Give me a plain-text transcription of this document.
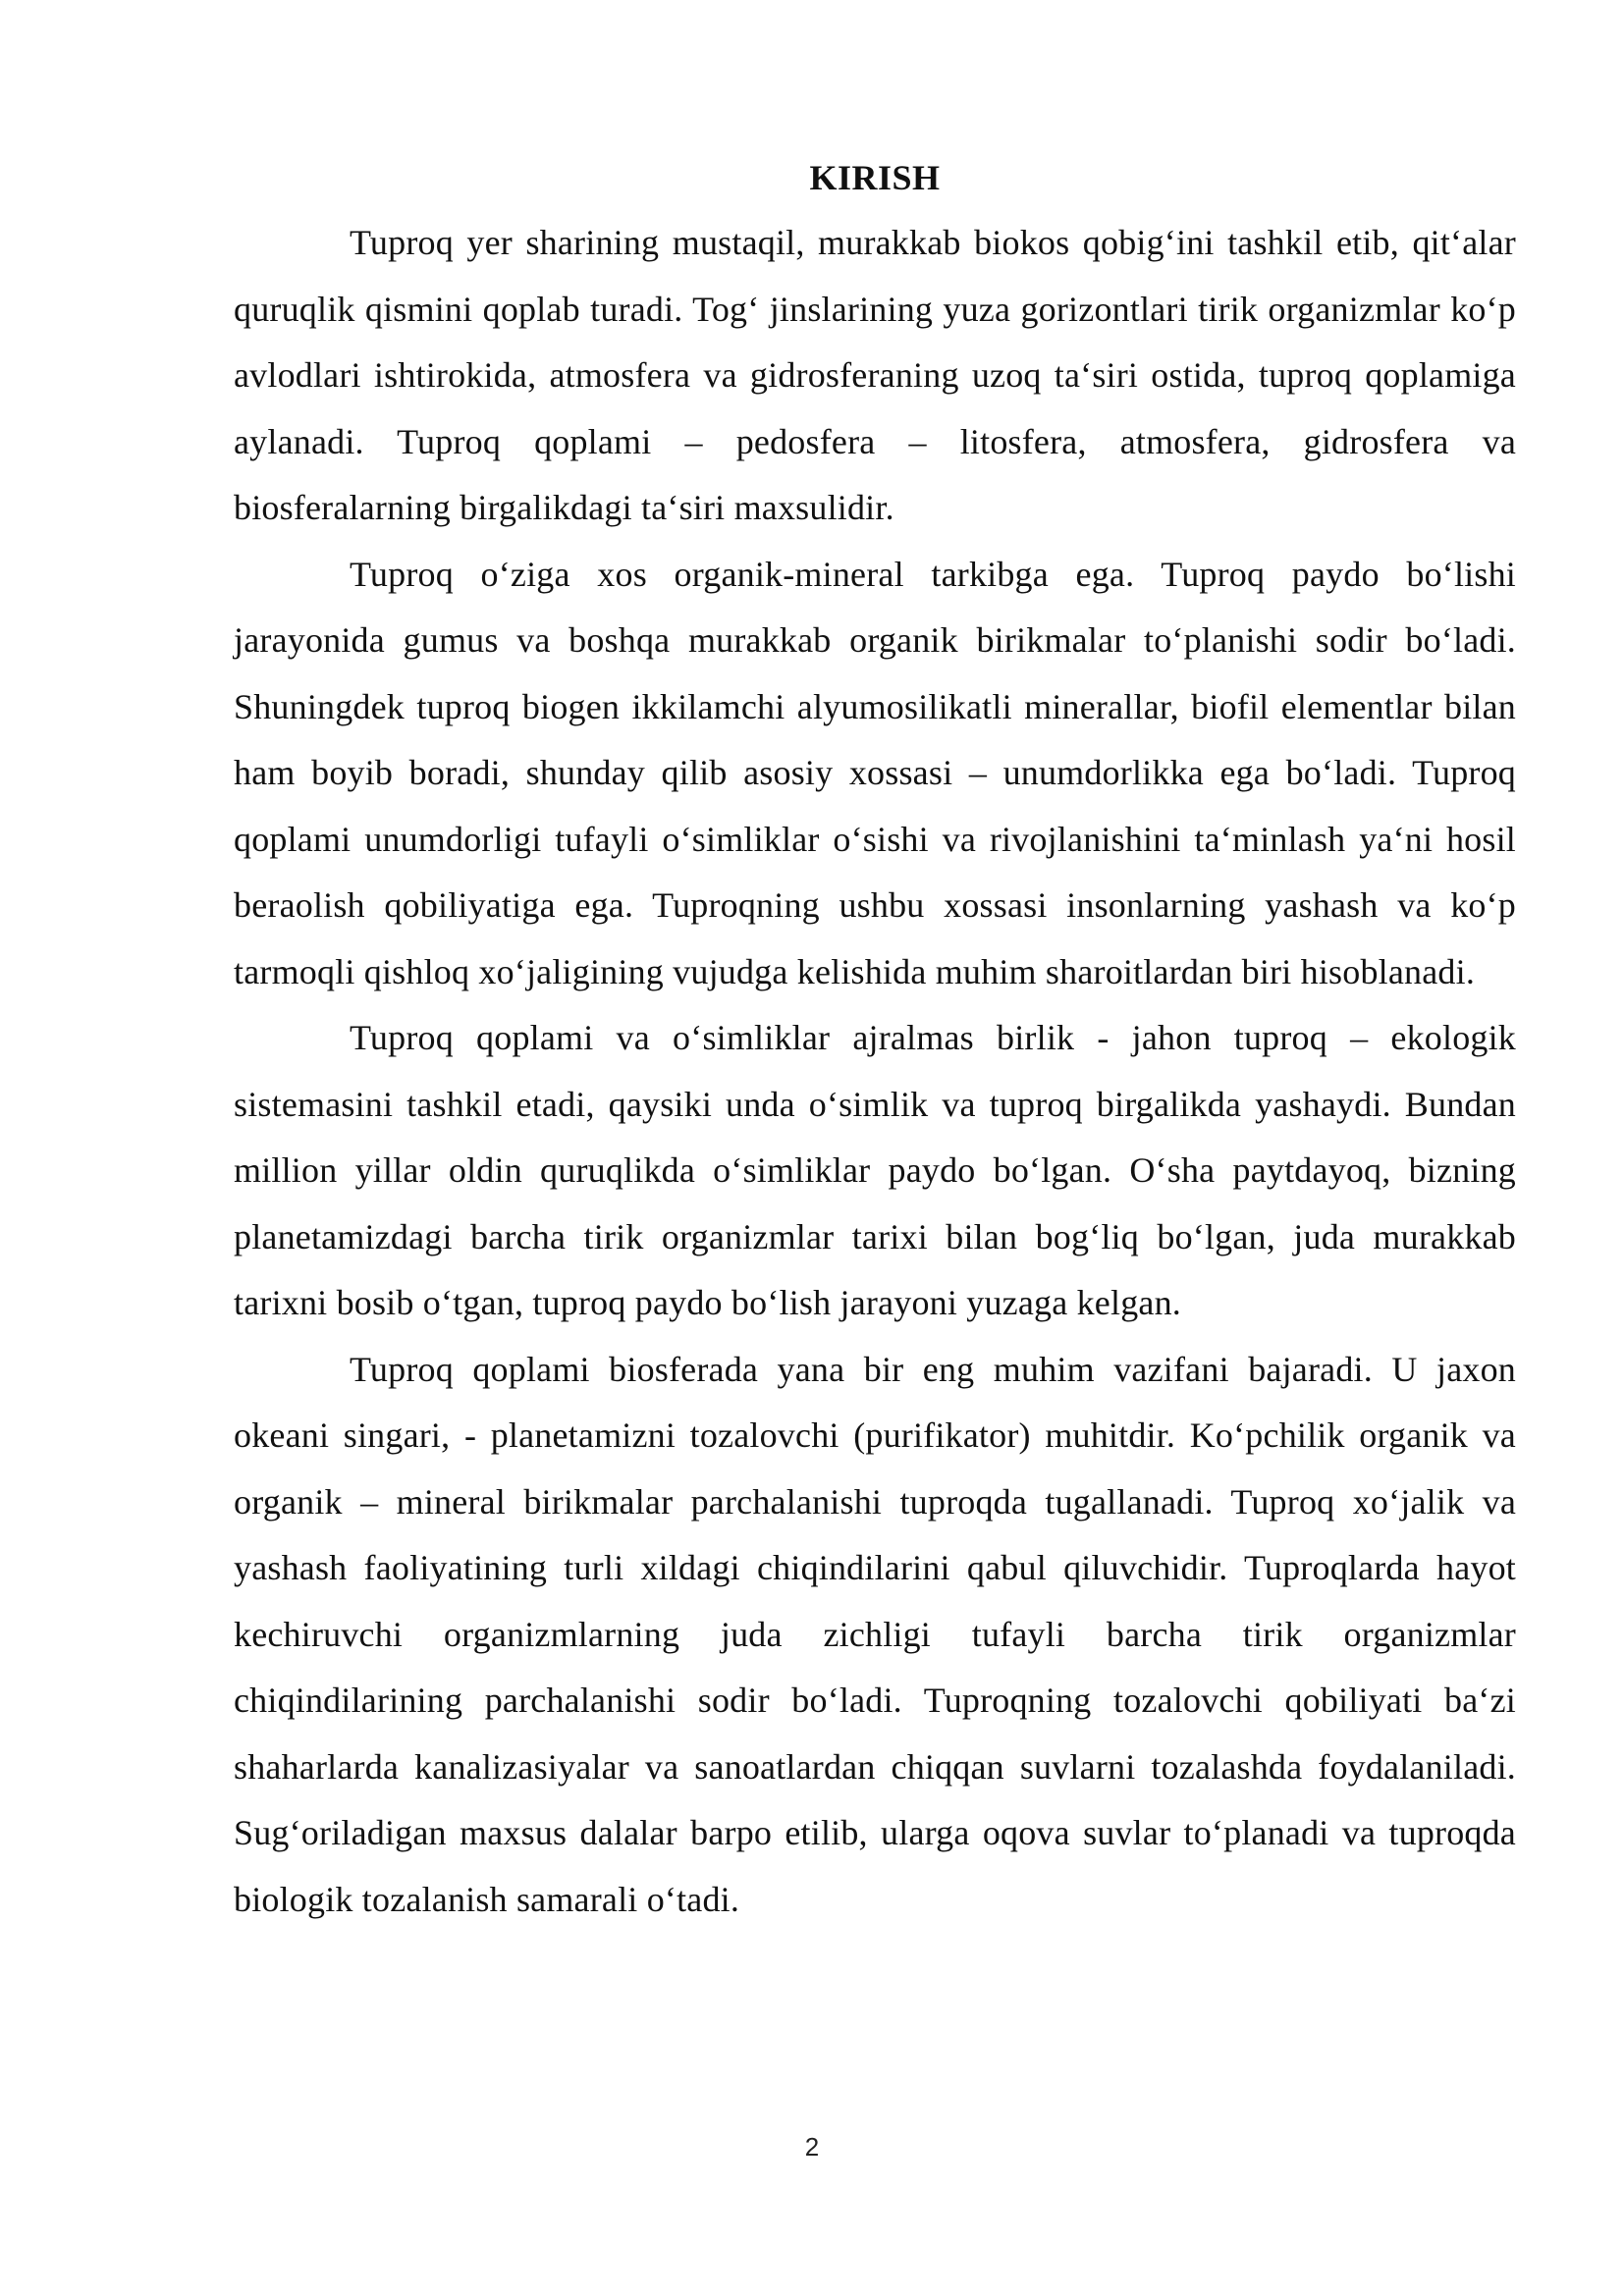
KIRISH

Tuproq yer sharining mustaqil, murakkab biokos qobig‘ini tashkil etib, qit‘alar quruqlik qismini qoplab turadi. Tog‘ jinslarining yuza gorizontlari tirik organizmlar ko‘p avlodlari ishtirokida, atmosfera va gidrosferaning uzoq ta‘siri ostida, tuproq qoplamiga aylanadi. Tuproq qoplami – pedosfera – litosfera, atmosfera, gidrosfera va biosferalarning birgalikdagi ta‘siri maxsulidir.

Tuproq o‘ziga xos organik-mineral tarkibga ega. Tuproq paydo bo‘lishi jarayonida gumus va boshqa murakkab organik birikmalar to‘planishi sodir bo‘ladi. Shuningdek tuproq biogen ikkilamchi alyumosilikatli minerallar, biofil elementlar bilan ham boyib boradi, shunday qilib asosiy xossasi – unumdorlikka ega bo‘ladi. Tuproq qoplami unumdorligi tufayli o‘simliklar o‘sishi va rivojlanishini ta‘minlash ya‘ni hosil beraolish qobiliyatiga ega. Tuproqning ushbu xossasi insonlarning yashash va ko‘p tarmoqli qishloq xo‘jaligining vujudga kelishida muhim sharoitlardan biri hisoblanadi.

Tuproq qoplami va o‘simliklar ajralmas birlik - jahon tuproq – ekologik sistemasini tashkil etadi, qaysiki unda o‘simlik va tuproq birgalikda yashaydi. Bundan million yillar oldin quruqlikda o‘simliklar paydo bo‘lgan. O‘sha paytdayoq, bizning planetamizdagi barcha tirik organizmlar tarixi bilan bog‘liq bo‘lgan, juda murakkab tarixni bosib o‘tgan, tuproq paydo bo‘lish jarayoni yuzaga kelgan.

Tuproq qoplami biosferada yana bir eng muhim vazifani bajaradi. U jaxon okeani singari, - planetamizni tozalovchi (purifikator) muhitdir. Ko‘pchilik organik va organik – mineral birikmalar parchalanishi tuproqda tugallanadi. Tuproq xo‘jalik va yashash faoliyatining turli xildagi chiqindilarini qabul qiluvchidir. Tuproqlarda hayot kechiruvchi organizmlarning juda zichligi tufayli barcha tirik organizmlar chiqindilarining parchalanishi sodir bo‘ladi. Tuproqning tozalovchi qobiliyati ba‘zi shaharlarda kanalizasiyalar va sanoatlardan chiqqan suvlarni tozalashda foydalaniladi. Sug‘oriladigan maxsus dalalar barpo etilib, ularga oqova suvlar to‘planadi va tuproqda biologik tozalanish samarali o‘tadi.

2
